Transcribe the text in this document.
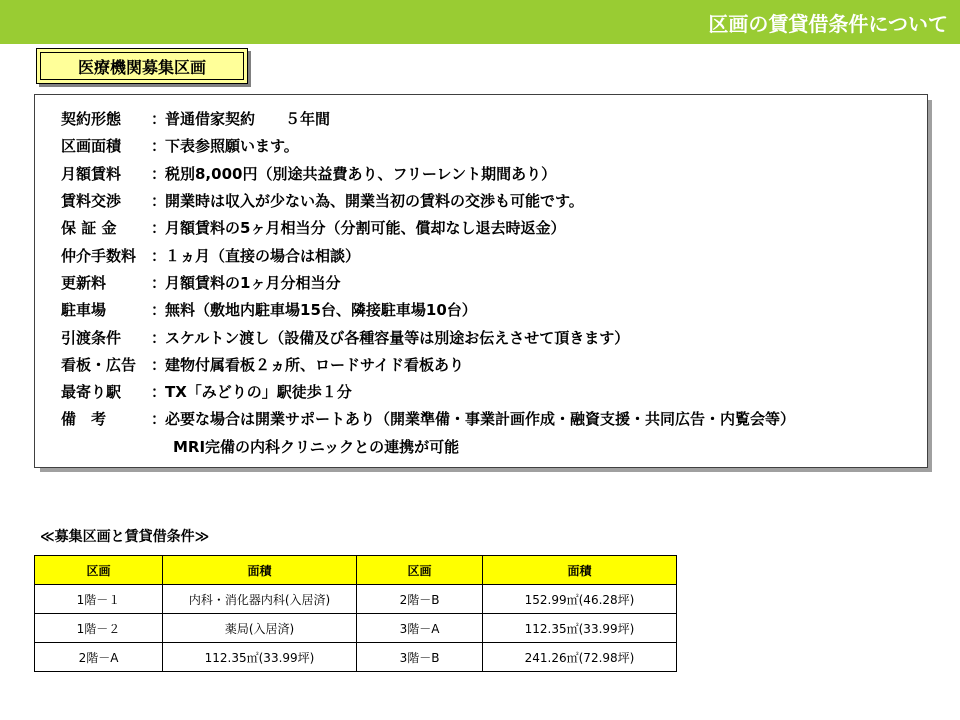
区画の賃貸借条件について
医療機関募集区画
契約形態	：
普通借家契約　　５年間
区画面積	：
下表参照願います。
月額賃料	：
税別8,000円（別途共益費あり、フリーレント期間あり）
賃料交渉	：
開業時は収入が少ない為、開業当初の賃料の交渉も可能です。
保 証 金	：
月額賃料の5ヶ月相当分（分割可能、償却なし退去時返金）
仲介手数料 ：
１ヵ月（直接の場合は相談）
更新料	：
月額賃料の1ヶ月分相当分
駐車場	：
無料（敷地内駐車場15台、隣接駐車場10台）
引渡条件	：
スケルトン渡し（設備及び各種容量等は別途お伝えさせて頂きます）
看板・広告 ：
建物付属看板２ヵ所、ロードサイド看板あり
最寄り駅	：
TX「みどりの」駅徒歩１分
備　考	：
必要な場合は開業サポートあり（開業準備・事業計画作成・融資支援・共同広告・内覧会等）
MRI完備の内科クリニックとの連携が可能
≪募集区画と賃貸借条件≫
区画	面積	区画	面積
1階－１	内科・消化器内科(入居済)	2階－B	152.99㎡(46.28坪)
1階－２	薬局(入居済)	3階－A	112.35㎡(33.99坪)
2階－A	112.35㎡(33.99坪)	3階－B	241.26㎡(72.98坪)
